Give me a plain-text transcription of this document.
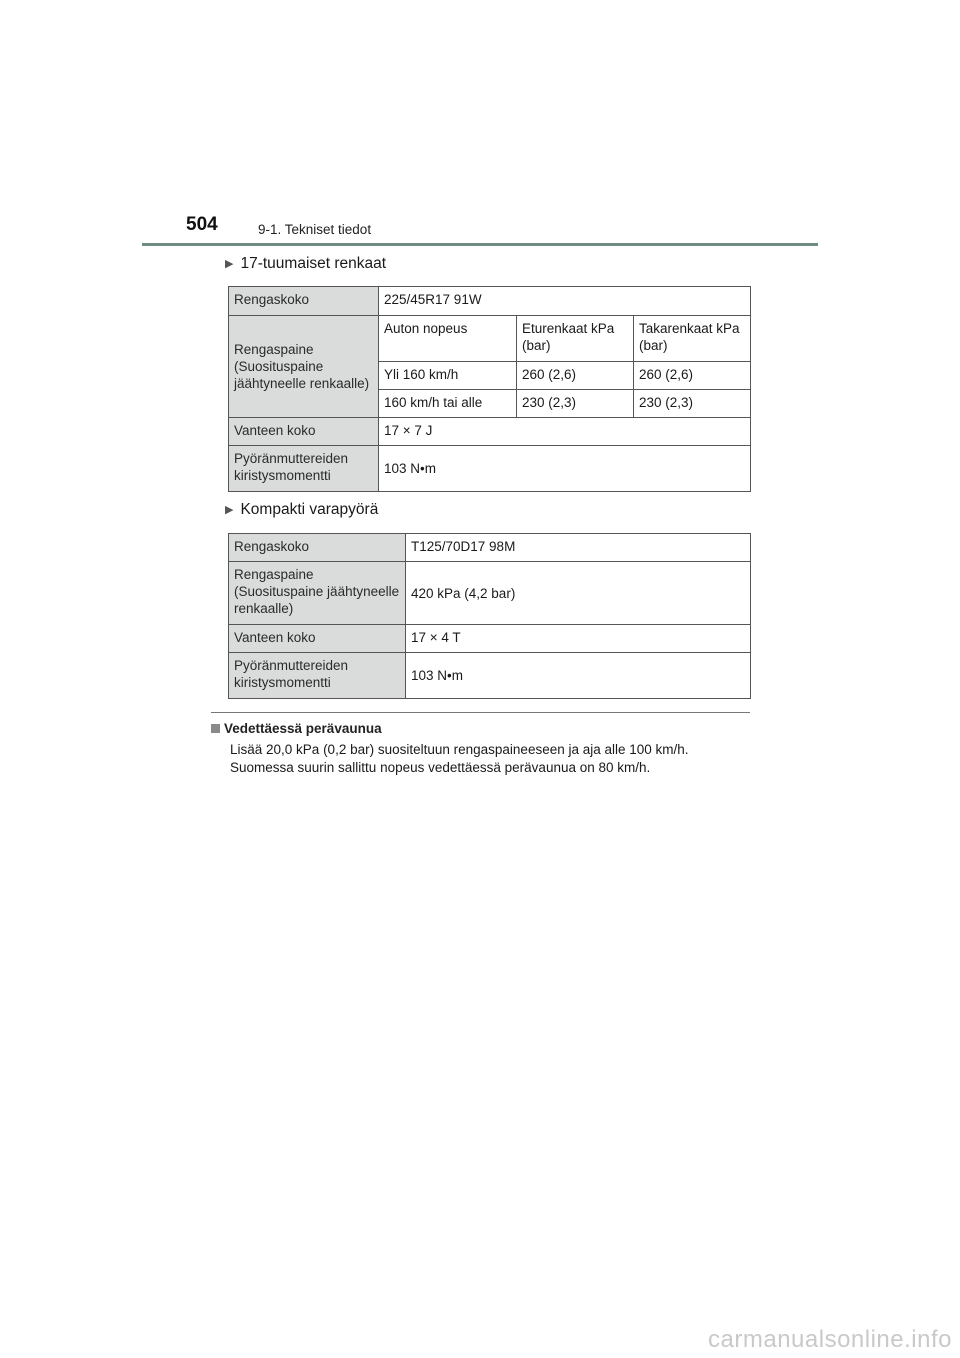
504	9-1. Tekniset tiedot
▶ 17-tuumaiset renkaat
Rengaskoko	225/45R17 91W		
Rengaspaine (Suosituspaine jäähtyneelle renkaalle)	Auton nopeus	Eturenkaat kPa (bar)	Takarenkaat kPa (bar)
	Yli 160 km/h	260 (2,6)	260 (2,6)
	160 km/h tai alle	230 (2,3)	230 (2,3)
Vanteen koko	17 × 7 J		
Pyöränmuttereiden kiristysmomentti	103 N•m		
▶ Kompakti varapyörä
Rengaskoko	T125/70D17 98M
Rengaspaine (Suosituspaine jäähtyneelle renkaalle)	420 kPa (4,2 bar)
Vanteen koko	17 × 4 T
Pyöränmuttereiden kiristysmomentti	103 N•m
Vedettäessä perävaunua
Lisää 20,0 kPa (0,2 bar) suositeltuun rengaspaineeseen ja aja alle 100 km/h.
Suomessa suurin sallittu nopeus vedettäessä perävaunua on 80 km/h.
carmanualsonline.info
